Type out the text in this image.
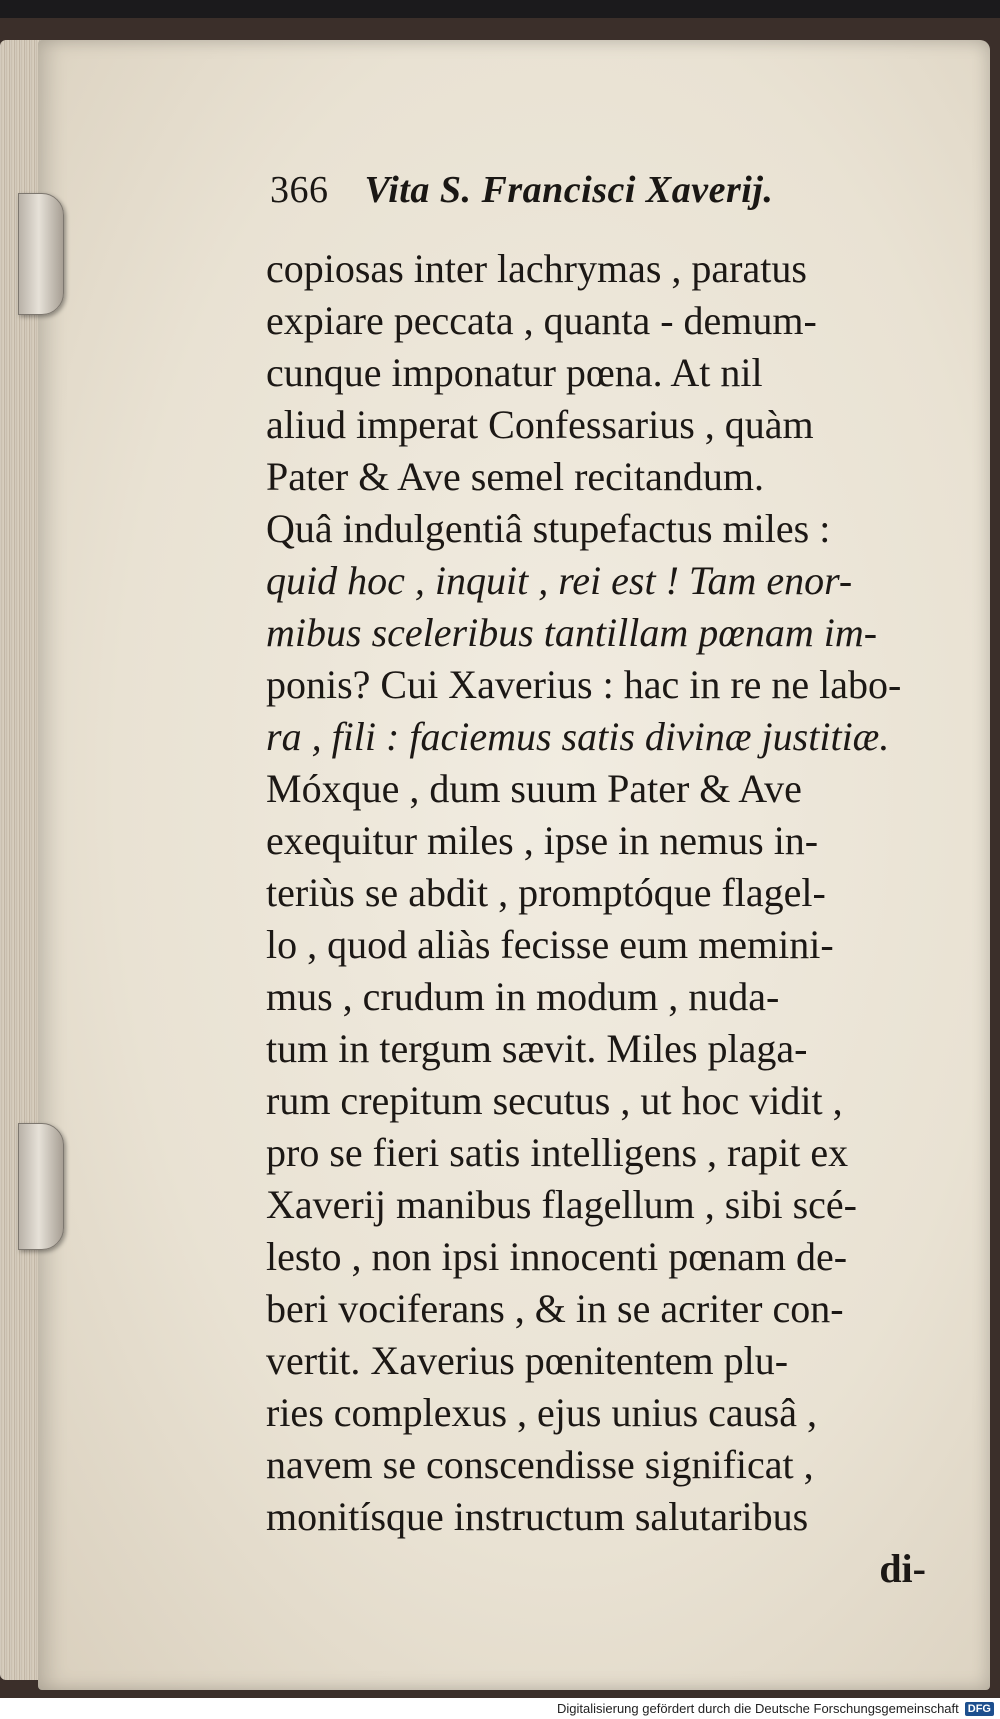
366 Vita S. Francisci Xaverij.
copiosas inter lachrymas , paratus
expiare peccata , quanta - demum-
cunque imponatur pœna. At nil
aliud imperat Confessarius , quàm
Pater & Ave semel recitandum.
Quâ indulgentiâ stupefactus miles :
quid hoc , inquit , rei est ! Tam enor-
mibus sceleribus tantillam pœnam im-
ponis? Cui Xaverius : hac in re ne labo-
ra , fili : faciemus satis divinæ justitiæ.
Móxque , dum suum Pater & Ave
exequitur miles , ipse in nemus in-
teriùs se abdit , promptóque flagel-
lo , quod aliàs fecisse eum memini-
mus , crudum in modum , nuda-
tum in tergum sævit. Miles plaga-
rum crepitum secutus , ut hoc vidit ,
pro se fieri satis intelligens , rapit ex
Xaverij manibus flagellum , sibi scé-
lesto , non ipsi innocenti pœnam de-
beri vociferans , & in se acriter con-
vertit. Xaverius pœnitentem plu-
ries complexus , ejus unius causâ ,
navem se conscendisse significat ,
monitísque instructum salutaribus
di-
Digitalisierung gefördert durch die Deutsche Forschungsgemeinschaft DFG
